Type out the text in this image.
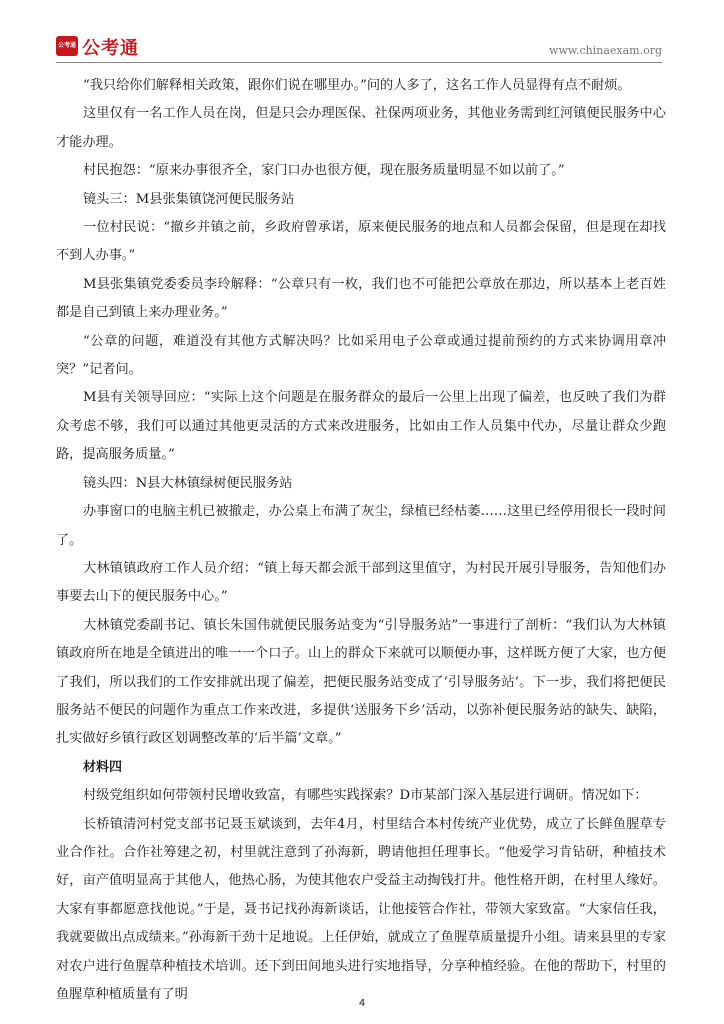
公考通 公考通	www.chinaexam.org

“我只给你们解释相关政策，跟你们说在哪里办。”问的人多了，这名工作人员显得有点不耐烦。

这里仅有一名工作人员在岗，但是只会办理医保、社保两项业务，其他业务需到红河镇便民服务中心才能办理。

村民抱怨：“原来办事很齐全，家门口办也很方便，现在服务质量明显不如以前了。”

镜头三：M县张集镇饶河便民服务站

一位村民说：“撤乡并镇之前，乡政府曾承诺，原来便民服务的地点和人员都会保留，但是现在却找不到人办事。”

M县张集镇党委委员李玲解释：“公章只有一枚，我们也不可能把公章放在那边，所以基本上老百姓都是自己到镇上来办理业务。”

“公章的问题，难道没有其他方式解决吗？比如采用电子公章或通过提前预约的方式来协调用章冲突？”记者问。

M县有关领导回应：“实际上这个问题是在服务群众的最后一公里上出现了偏差，也反映了我们为群众考虑不够，我们可以通过其他更灵活的方式来改进服务，比如由工作人员集中代办，尽量让群众少跑路，提高服务质量。”

镜头四：N县大林镇绿树便民服务站

办事窗口的电脑主机已被撤走，办公桌上布满了灰尘，绿植已经枯萎……这里已经停用很长一段时间了。

大林镇镇政府工作人员介绍：“镇上每天都会派干部到这里值守，为村民开展引导服务，告知他们办事要去山下的便民服务中心。”

大林镇党委副书记、镇长朱国伟就便民服务站变为“引导服务站”一事进行了剖析：“我们认为大林镇镇政府所在地是全镇进出的唯一一个口子。山上的群众下来就可以顺便办事，这样既方便了大家，也方便了我们，所以我们的工作安排就出现了偏差，把便民服务站变成了‘引导服务站’。下一步，我们将把便民服务站不便民的问题作为重点工作来改进，多提供‘送服务下乡’活动，以弥补便民服务站的缺失、缺陷，扎实做好乡镇行政区划调整改革的‘后半篇’文章。”

材料四

村级党组织如何带领村民增收致富，有哪些实践探索？D市某部门深入基层进行调研。情况如下：

长桥镇清河村党支部书记聂玉斌谈到，去年4月，村里结合本村传统产业优势，成立了长鲜鱼腥草专业合作社。合作社筹建之初，村里就注意到了孙海新，聘请他担任理事长。“他爱学习肯钻研，种植技术好，亩产值明显高于其他人，他热心肠，为使其他农户受益主动掏钱打井。他性格开朗，在村里人缘好。大家有事都愿意找他说。”于是，聂书记找孙海新谈话，让他接管合作社，带领大家致富。“大家信任我，我就要做出点成绩来。”孙海新干劲十足地说。上任伊始，就成立了鱼腥草质量提升小组。请来县里的专家对农户进行鱼腥草种植技术培训。还下到田间地头进行实地指导，分享种植经验。在他的帮助下，村里的鱼腥草种植质量有了明

4
